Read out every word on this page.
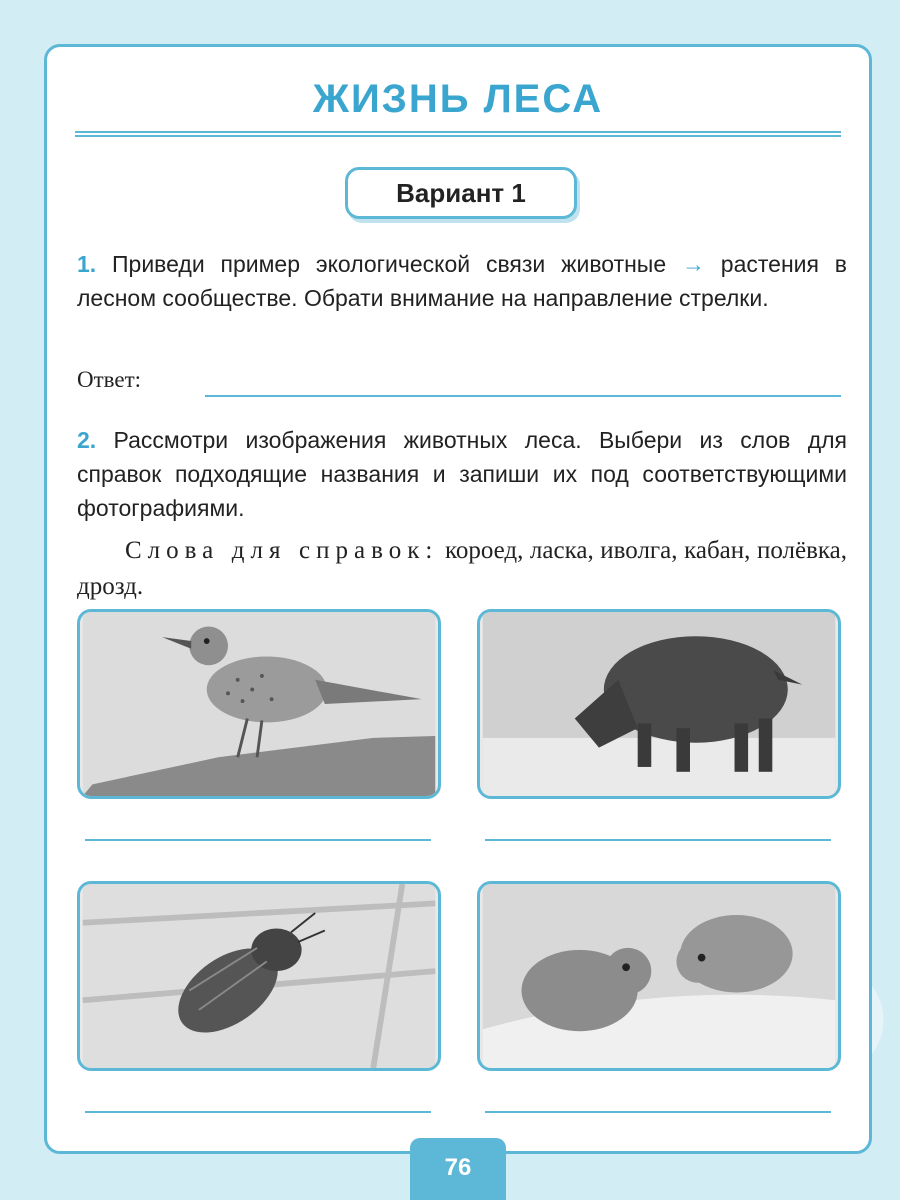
ЖИЗНЬ ЛЕСА
Вариант 1
1. Приведи пример экологической связи животные → растения в лесном сообществе. Обрати внимание на направление стрелки.
Ответ:
2. Рассмотри изображения животных леса. Выбери из слов для справок подходящие названия и запиши их под соответствующими фотографиями.
Слова для справок: короед, ласка, иволга, кабан, полёвка, дрозд.
76
